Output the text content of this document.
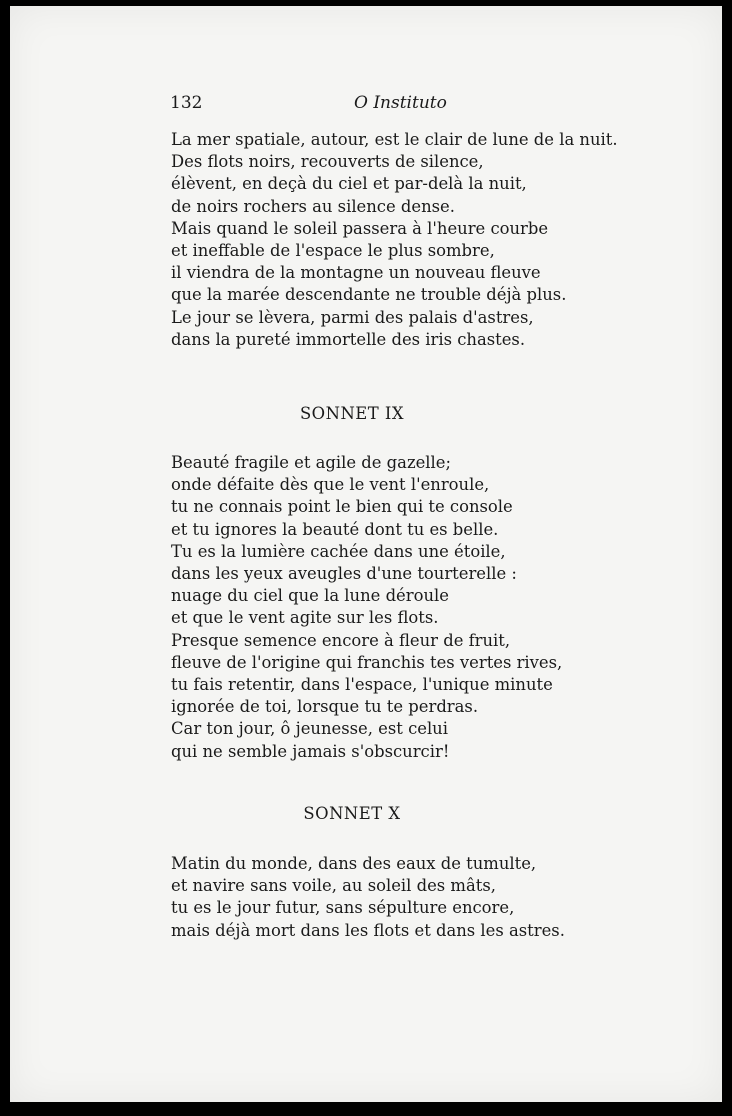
132	O Instituto
La mer spatiale, autour, est le clair de lune de la nuit.
Des flots noirs, recouverts de silence,
élèvent, en deçà du ciel et par-delà la nuit,
de noirs rochers au silence dense.
Mais quand le soleil passera à l'heure courbe
et ineffable de l'espace le plus sombre,
il viendra de la montagne un nouveau fleuve
que la marée descendante ne trouble déjà plus.
Le jour se lèvera, parmi des palais d'astres,
dans la pureté immortelle des iris chastes.
SONNET IX
Beauté fragile et agile de gazelle;
onde défaite dès que le vent l'enroule,
tu ne connais point le bien qui te console
et tu ignores la beauté dont tu es belle.
Tu es la lumière cachée dans une étoile,
dans les yeux aveugles d'une tourterelle :
nuage du ciel que la lune déroule
et que le vent agite sur les flots.
Presque semence encore à fleur de fruit,
fleuve de l'origine qui franchis tes vertes rives,
tu fais retentir, dans l'espace, l'unique minute
ignorée de toi, lorsque tu te perdras.
Car ton jour, ô jeunesse, est celui
qui ne semble jamais s'obscurcir!
SONNET X
Matin du monde, dans des eaux de tumulte,
et navire sans voile, au soleil des mâts,
tu es le jour futur, sans sépulture encore,
mais déjà mort dans les flots et dans les astres.
